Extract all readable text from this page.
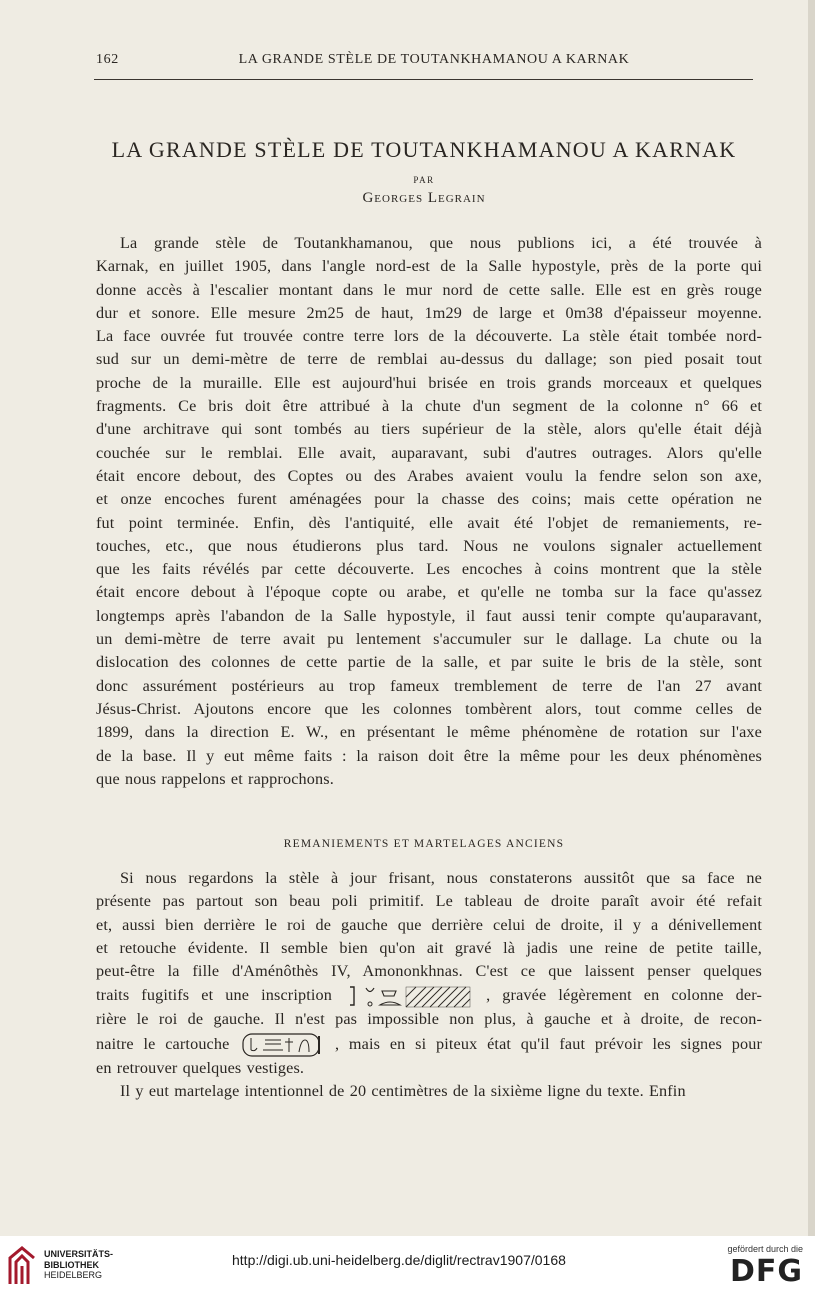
162	LA GRANDE STÈLE DE TOUTANKHAMANOU A KARNAK
LA GRANDE STÈLE DE TOUTANKHAMANOU A KARNAK
PAR
Georges Legrain
La grande stèle de Toutankhamanou, que nous publions ici, a été trouvée à
Karnak, en juillet 1905, dans l'angle nord-est de la Salle hypostyle, près de la porte qui
donne accès à l'escalier montant dans le mur nord de cette salle. Elle est en grès rouge
dur et sonore. Elle mesure 2m25 de haut, 1m29 de large et 0m38 d'épaisseur moyenne.
La face ouvrée fut trouvée contre terre lors de la découverte. La stèle était tombée nord-
sud sur un demi-mètre de terre de remblai au-dessus du dallage; son pied posait tout
proche de la muraille. Elle est aujourd'hui brisée en trois grands morceaux et quelques
fragments. Ce bris doit être attribué à la chute d'un segment de la colonne n° 66 et
d'une architrave qui sont tombés au tiers supérieur de la stèle, alors qu'elle était déjà
couchée sur le remblai. Elle avait, auparavant, subi d'autres outrages. Alors qu'elle
était encore debout, des Coptes ou des Arabes avaient voulu la fendre selon son axe,
et onze encoches furent aménagées pour la chasse des coins; mais cette opération ne
fut point terminée. Enfin, dès l'antiquité, elle avait été l'objet de remaniements, re-
touches, etc., que nous étudierons plus tard. Nous ne voulons signaler actuellement
que les faits révélés par cette découverte. Les encoches à coins montrent que la stèle
était encore debout à l'époque copte ou arabe, et qu'elle ne tomba sur la face qu'assez
longtemps après l'abandon de la Salle hypostyle, il faut aussi tenir compte qu'auparavant,
un demi-mètre de terre avait pu lentement s'accumuler sur le dallage. La chute ou la
dislocation des colonnes de cette partie de la salle, et par suite le bris de la stèle, sont
donc assurément postérieurs au trop fameux tremblement de terre de l'an 27 avant
Jésus-Christ. Ajoutons encore que les colonnes tombèrent alors, tout comme celles de
1899, dans la direction E. W., en présentant le même phénomène de rotation sur l'axe
de la base. Il y eut même faits : la raison doit être la même pour les deux phénomènes
que nous rappelons et rapprochons.
REMANIEMENTS ET MARTELAGES ANCIENS
Si nous regardons la stèle à jour frisant, nous constaterons aussitôt que sa face ne
présente pas partout son beau poli primitif. Le tableau de droite paraît avoir été refait
et, aussi bien derrière le roi de gauche que derrière celui de droite, il y a dénivellement
et retouche évidente. Il semble bien qu'on ait gravé là jadis une reine de petite taille,
peut-être la fille d'Aménôthès IV, Amononkhnas. C'est ce que laissent penser quelques
traits fugitifs et une inscription	, gravée légèrement en colonne der-
rière le roi de gauche. Il n'est pas impossible non plus, à gauche et à droite, de recon-
naitre le cartouche	, mais en si piteux état qu'il faut prévoir les signes pour
en retrouver quelques vestiges.
Il y eut martelage intentionnel de 20 centimètres de la sixième ligne du texte. Enfin
UNIVERSITÄTS-
BIBLIOTHEK
HEIDELBERG
http://digi.ub.uni-heidelberg.de/diglit/rectrav1907/0168
gefördert durch die
DFG
